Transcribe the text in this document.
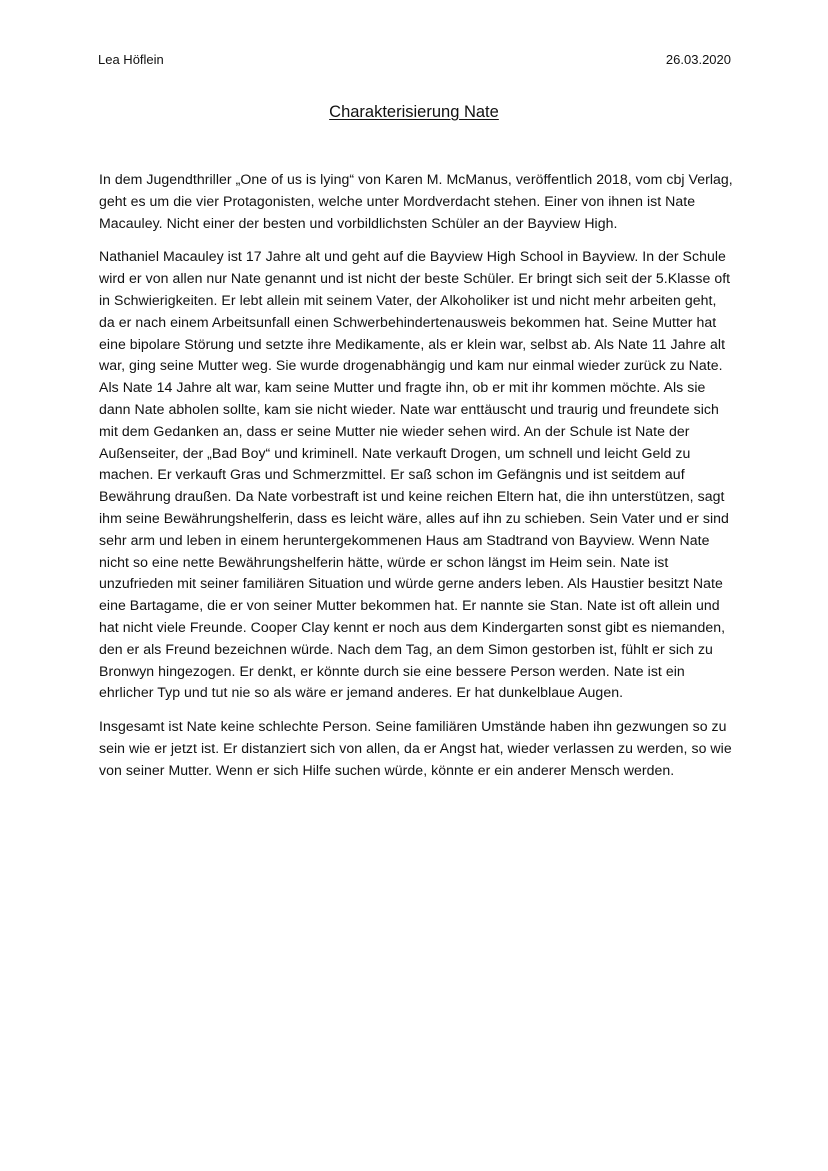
Lea Höflein	26.03.2020
Charakterisierung Nate

In dem Jugendthriller „One of us is lying“ von Karen M. McManus, veröffentlich 2018, vom cbj Verlag, geht es um die vier Protagonisten, welche unter Mordverdacht stehen. Einer von ihnen ist Nate Macauley. Nicht einer der besten und vorbildlichsten Schüler an der Bayview High.

Nathaniel Macauley ist 17 Jahre alt und geht auf die Bayview High School in Bayview. In der Schule wird er von allen nur Nate genannt und ist nicht der beste Schüler. Er bringt sich seit der 5.Klasse oft in Schwierigkeiten. Er lebt allein mit seinem Vater, der Alkoholiker ist und nicht mehr arbeiten geht, da er nach einem Arbeitsunfall einen Schwerbehindertenausweis bekommen hat. Seine Mutter hat eine bipolare Störung und setzte ihre Medikamente, als er klein war, selbst ab. Als Nate 11 Jahre alt war, ging seine Mutter weg. Sie wurde drogenabhängig und kam nur einmal wieder zurück zu Nate. Als Nate 14 Jahre alt war, kam seine Mutter und fragte ihn, ob er mit ihr kommen möchte. Als sie dann Nate abholen sollte, kam sie nicht wieder. Nate war enttäuscht und traurig und freundete sich mit dem Gedanken an, dass er seine Mutter nie wieder sehen wird. An der Schule ist Nate der Außenseiter, der „Bad Boy“ und kriminell. Nate verkauft Drogen, um schnell und leicht Geld zu machen. Er verkauft Gras und Schmerzmittel. Er saß schon im Gefängnis und ist seitdem auf Bewährung draußen. Da Nate vorbestraft ist und keine reichen Eltern hat, die ihn unterstützen, sagt ihm seine Bewährungshelferin, dass es leicht wäre, alles auf ihn zu schieben. Sein Vater und er sind sehr arm und leben in einem heruntergekommenen Haus am Stadtrand von Bayview. Wenn Nate nicht so eine nette Bewährungshelferin hätte, würde er schon längst im Heim sein. Nate ist unzufrieden mit seiner familiären Situation und würde gerne anders leben. Als Haustier besitzt Nate eine Bartagame, die er von seiner Mutter bekommen hat. Er nannte sie Stan. Nate ist oft allein und hat nicht viele Freunde. Cooper Clay kennt er noch aus dem Kindergarten sonst gibt es niemanden, den er als Freund bezeichnen würde. Nach dem Tag, an dem Simon gestorben ist, fühlt er sich zu Bronwyn hingezogen. Er denkt, er könnte durch sie eine bessere Person werden. Nate ist ein ehrlicher Typ und tut nie so als wäre er jemand anderes. Er hat dunkelblaue Augen.

Insgesamt ist Nate keine schlechte Person. Seine familiären Umstände haben ihn gezwungen so zu sein wie er jetzt ist. Er distanziert sich von allen, da er Angst hat, wieder verlassen zu werden, so wie von seiner Mutter. Wenn er sich Hilfe suchen würde, könnte er ein anderer Mensch werden.
